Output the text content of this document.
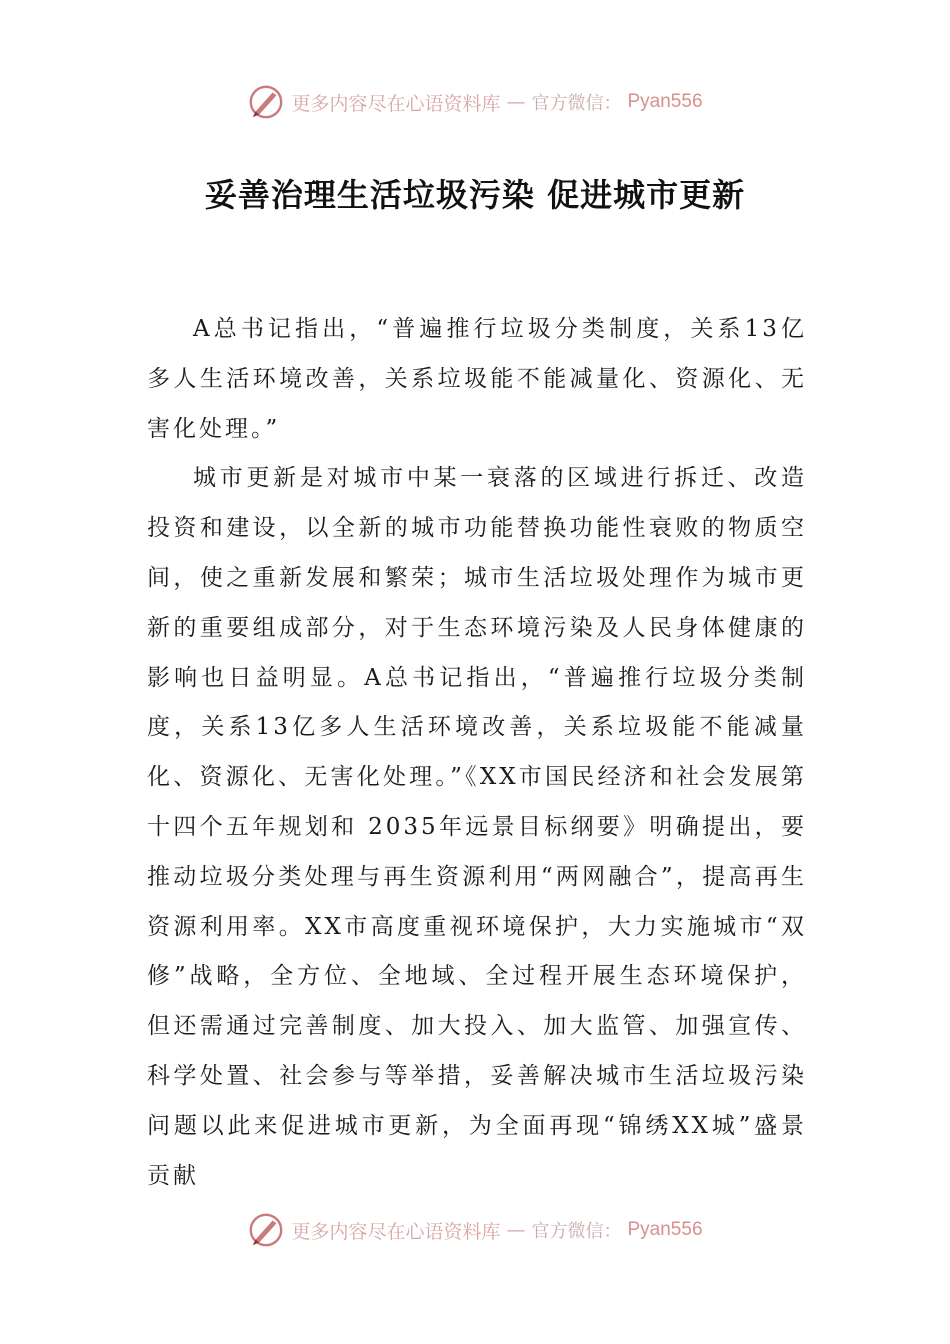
更多内容尽在心语资料库 — 官方微信： Pyan556
妥善治理生活垃圾污染 促进城市更新

A总书记指出，“普遍推行垃圾分类制度，关系13亿多人生活环境改善，关系垃圾能不能减量化、资源化、无害化处理。”

城市更新是对城市中某一衰落的区域进行拆迁、改造投资和建设，以全新的城市功能替换功能性衰败的物质空间，使之重新发展和繁荣；城市生活垃圾处理作为城市更新的重要组成部分，对于生态环境污染及人民身体健康的影响也日益明显。A总书记指出，“普遍推行垃圾分类制度，关系13亿多人生活环境改善，关系垃圾能不能减量化、资源化、无害化处理。”《XX市国民经济和社会发展第十四个五年规划和 2035年远景目标纲要》明确提出，要推动垃圾分类处理与再生资源利用“两网融合”，提高再生资源利用率。XX市高度重视环境保护，大力实施城市“双修”战略，全方位、全地域、全过程开展生态环境保护，但还需通过完善制度、加大投入、加大监管、加强宣传、科学处置、社会参与等举措，妥善解决城市生活垃圾污染问题以此来促进城市更新，为全面再现“锦绣XX城”盛景贡献

更多内容尽在心语资料库 — 官方微信： Pyan556
